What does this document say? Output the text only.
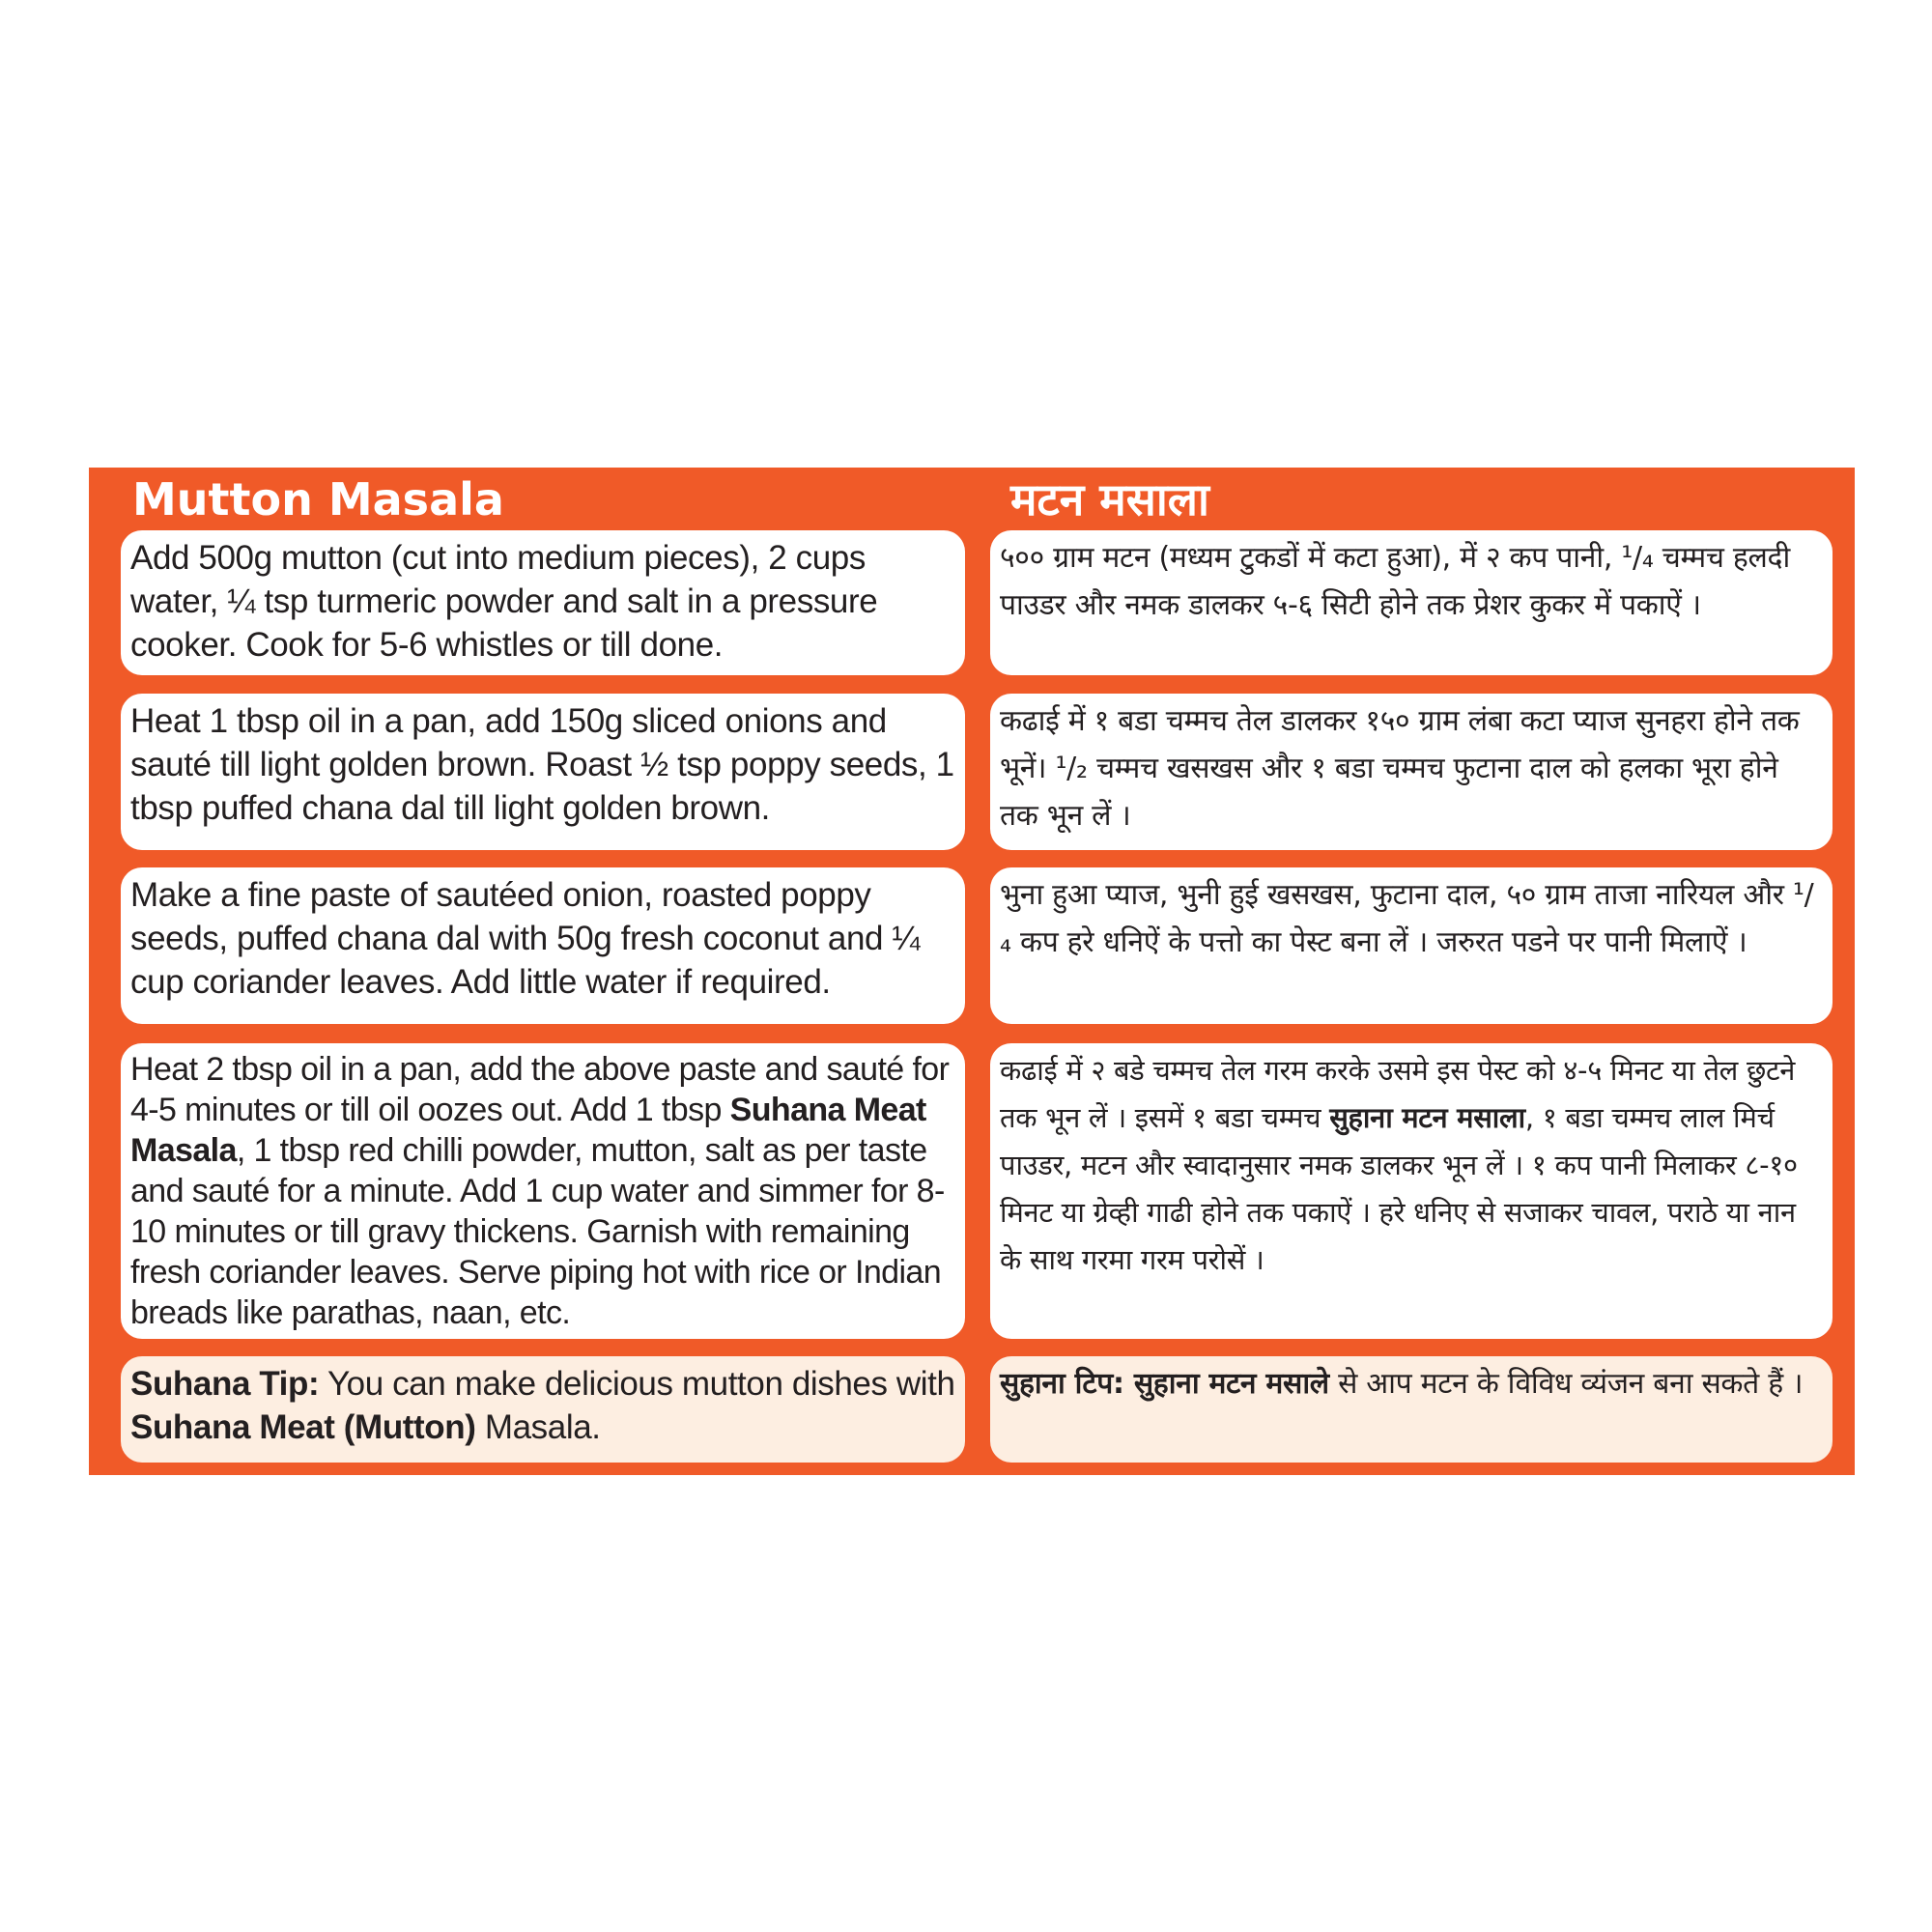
Mutton Masala	मटन मसाला
Add 500g mutton (cut into medium pieces), 2 cups water, ¼ tsp turmeric powder and salt in a pressure cooker. Cook for 5-6 whistles or till done.
५०० ग्राम मटन (मध्यम टुकडों में कटा हुआ), में २ कप पानी, ¹/₄ चम्मच हलदी पाउडर और नमक डालकर ५-६ सिटी होने तक प्रेशर कुकर में पकाऐं ।
Heat 1 tbsp oil in a pan, add 150g sliced onions and sauté till light golden brown. Roast ½ tsp poppy seeds, 1 tbsp puffed chana dal till light golden brown.
कढाई में १ बडा चम्मच तेल डालकर १५० ग्राम लंबा कटा प्याज सुनहरा होने तक भूनें। ¹/₂ चम्मच खसखस और १ बडा चम्मच फुटाना दाल को हलका भूरा होने तक भून लें ।
Make a fine paste of sautéed onion, roasted poppy seeds, puffed chana dal with 50g fresh coconut and ¼ cup coriander leaves. Add little water if required.
भुना हुआ प्याज, भुनी हुई खसखस, फुटाना दाल, ५० ग्राम ताजा नारियल और ¹/₄ कप हरे धनिऐं के पत्तो का पेस्ट बना लें । जरुरत पडने पर पानी मिलाऐं ।
Heat 2 tbsp oil in a pan, add the above paste and sauté for 4-5 minutes or till oil oozes out. Add 1 tbsp Suhana Meat Masala, 1 tbsp red chilli powder, mutton, salt as per taste and sauté for a minute. Add 1 cup water and simmer for 8-10 minutes or till gravy thickens. Garnish with remaining fresh coriander leaves. Serve piping hot with rice or Indian breads like parathas, naan, etc.
कढाई में २ बडे चम्मच तेल गरम करके उसमे इस पेस्ट को ४-५ मिनट या तेल छुटने तक भून लें । इसमें १ बडा चम्मच सुहाना मटन मसाला, १ बडा चम्मच लाल मिर्च पाउडर, मटन और स्वादानुसार नमक डालकर भून लें । १ कप पानी मिलाकर ८-१० मिनट या ग्रेव्ही गाढी होने तक पकाऐं । हरे धनिए से सजाकर चावल, पराठे या नान के साथ गरमा गरम परोसें ।
Suhana Tip: You can make delicious mutton dishes with Suhana Meat (Mutton) Masala.
सुहाना टिप: सुहाना मटन मसाले से आप मटन के विविध व्यंजन बना सकते हैं ।
